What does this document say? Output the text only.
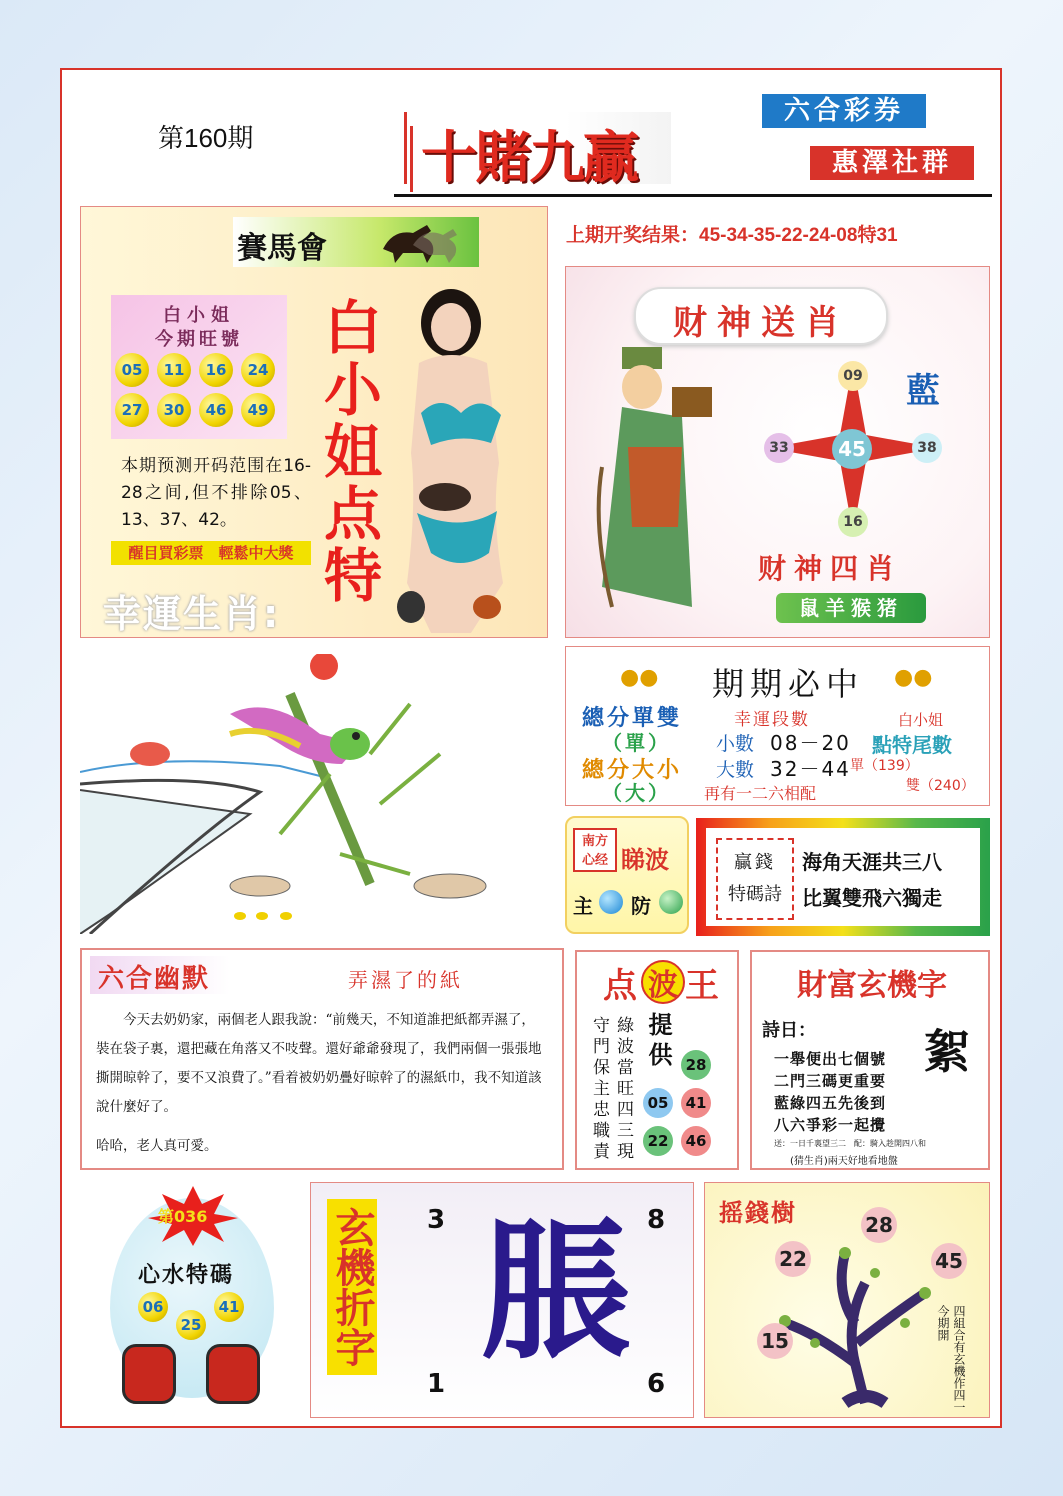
第160期	十賭九贏
六合彩券
惠澤社群
上期开奖结果：45-34-35-22-24-08特31
賽馬會
白小姐
今期旺號
05	11	16	24
27	30	46	49 白小姐点特
本期预测开码范围在16-28之间,但不排除05、13、37、42。
醒目買彩票　輕鬆中大獎
幸運生肖:
财神送肖
09
33	45	38
16
藍
财神四肖
鼠羊猴猪
●●	●●
期期必中
總分單雙
（單）
總分大小
（大）
幸運段數
小數 08－20
大數 32－44
再有一二六相配
白小姐
點特尾數
單（139）
雙（240）
南方
心经 睇波
主 防
贏錢
特碼詩
海角天涯共三八
比翼雙飛六獨走
六合幽默	弄濕了的紙
今天去奶奶家，兩個老人跟我說：“前幾天，不知道誰把紙都弄濕了，裝在袋子裏，還把藏在角落又不吱聲。還好爺爺發現了，我們兩個一張張地撕開晾幹了，要不又浪費了。”看着被奶奶疊好晾幹了的濕紙巾，我不知道該說什麼好了。
哈哈，老人真可愛。
点 波 王
守門保主忠職責 綠波當旺四三現 提供 28
05	41
22	46
財富玄機字
詩日： 絮
一舉便出七個號
二門三碼更重要
藍綠四五先後到
八六爭彩一起攪
送：一日千裏望三二　配：騎入趁開四八和
(猜生肖)兩天好地看地盤
第036
心水特碼
06
25
41 玄機折字 3	8
1	6
脹	摇錢樹	28
22	45
15	四組合有玄機作四一今期開
